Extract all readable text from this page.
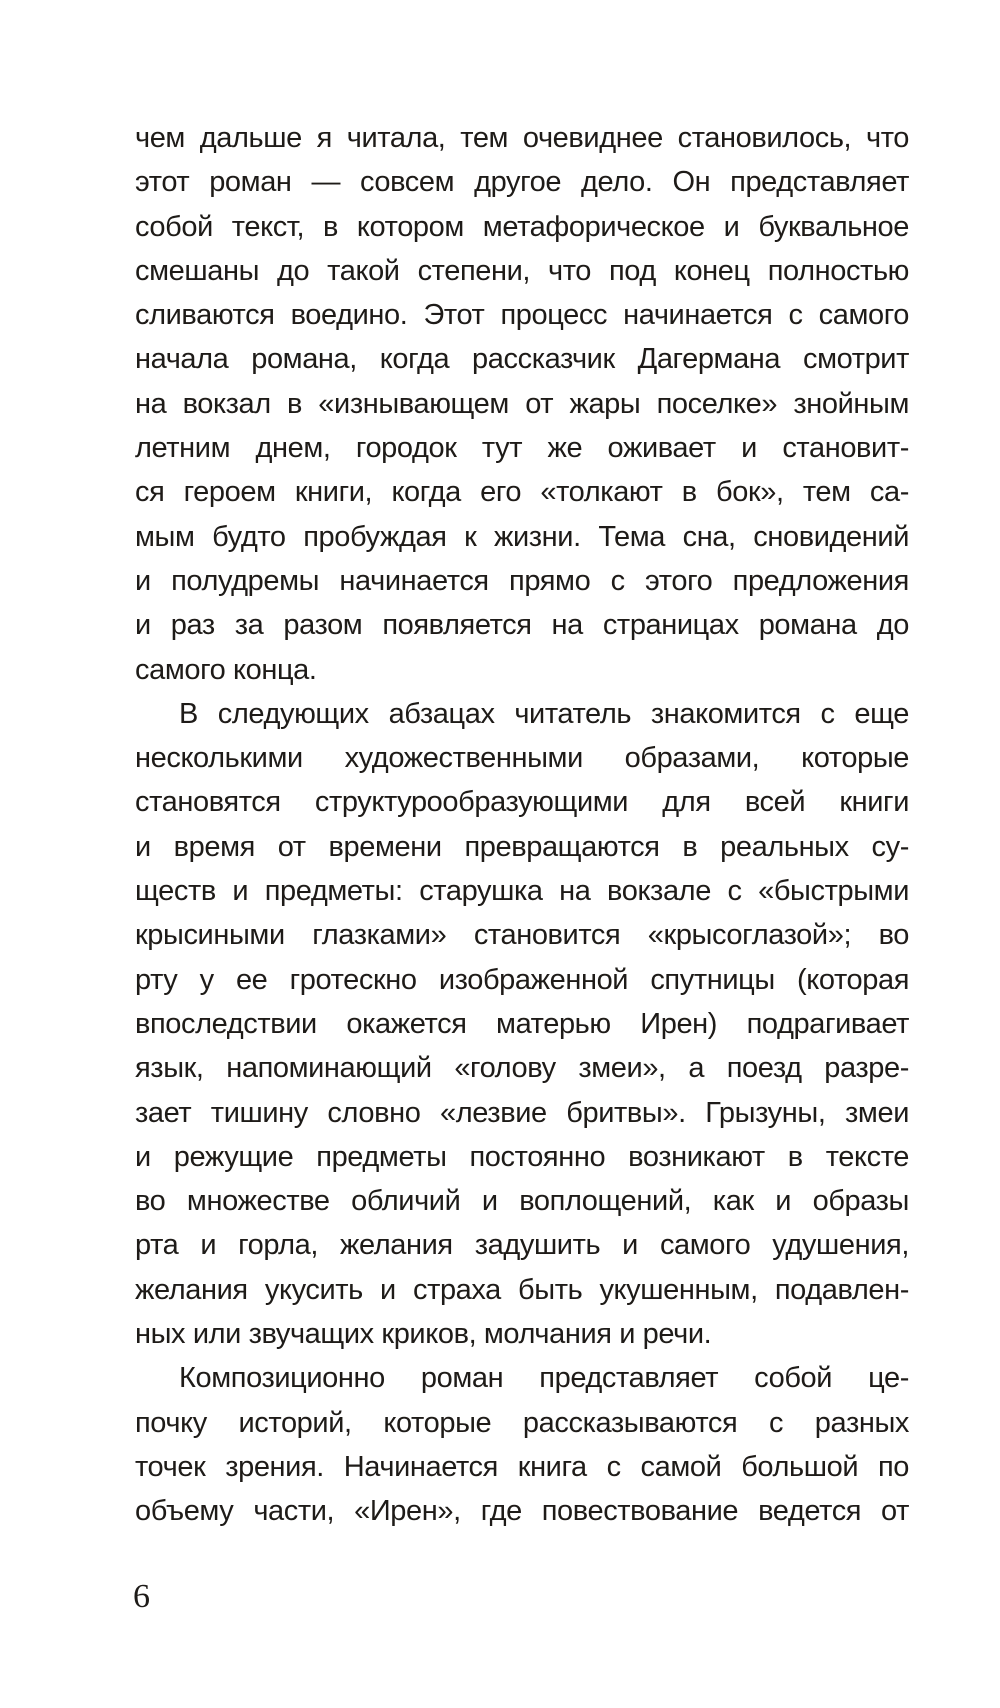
чем дальше я читала, тем очевиднее становилось, что
этот роман — совсем другое дело. Он представляет
собой текст, в котором метафорическое и буквальное
смешаны до такой степени, что под конец полностью
сливаются воедино. Этот процесс начинается с самого
начала романа, когда рассказчик Дагермана смотрит
на вокзал в «изнывающем от жары поселке» знойным
летним днем, городок тут же оживает и становит-
ся героем книги, когда его «толкают в бок», тем са-
мым будто пробуждая к жизни. Тема сна, сновидений
и полудремы начинается прямо с этого предложения
и раз за разом появляется на страницах романа до
самого конца.
В следующих абзацах читатель знакомится с еще
несколькими художественными образами, которые
становятся структурообразующими для всей книги
и время от времени превращаются в реальных су-
ществ и предметы: старушка на вокзале с «быстрыми
крысиными глазками» становится «крысоглазой»; во
рту у ее гротескно изображенной спутницы (которая
впоследствии окажется матерью Ирен) подрагивает
язык, напоминающий «голову змеи», а поезд разре-
зает тишину словно «лезвие бритвы». Грызуны, змеи
и режущие предметы постоянно возникают в тексте
во множестве обличий и воплощений, как и образы
рта и горла, желания задушить и самого удушения,
желания укусить и страха быть укушенным, подавлен-
ных или звучащих криков, молчания и речи.
Композиционно роман представляет собой це-
почку историй, которые рассказываются с разных
точек зрения. Начинается книга с самой большой по
объему части, «Ирен», где повествование ведется от
6
